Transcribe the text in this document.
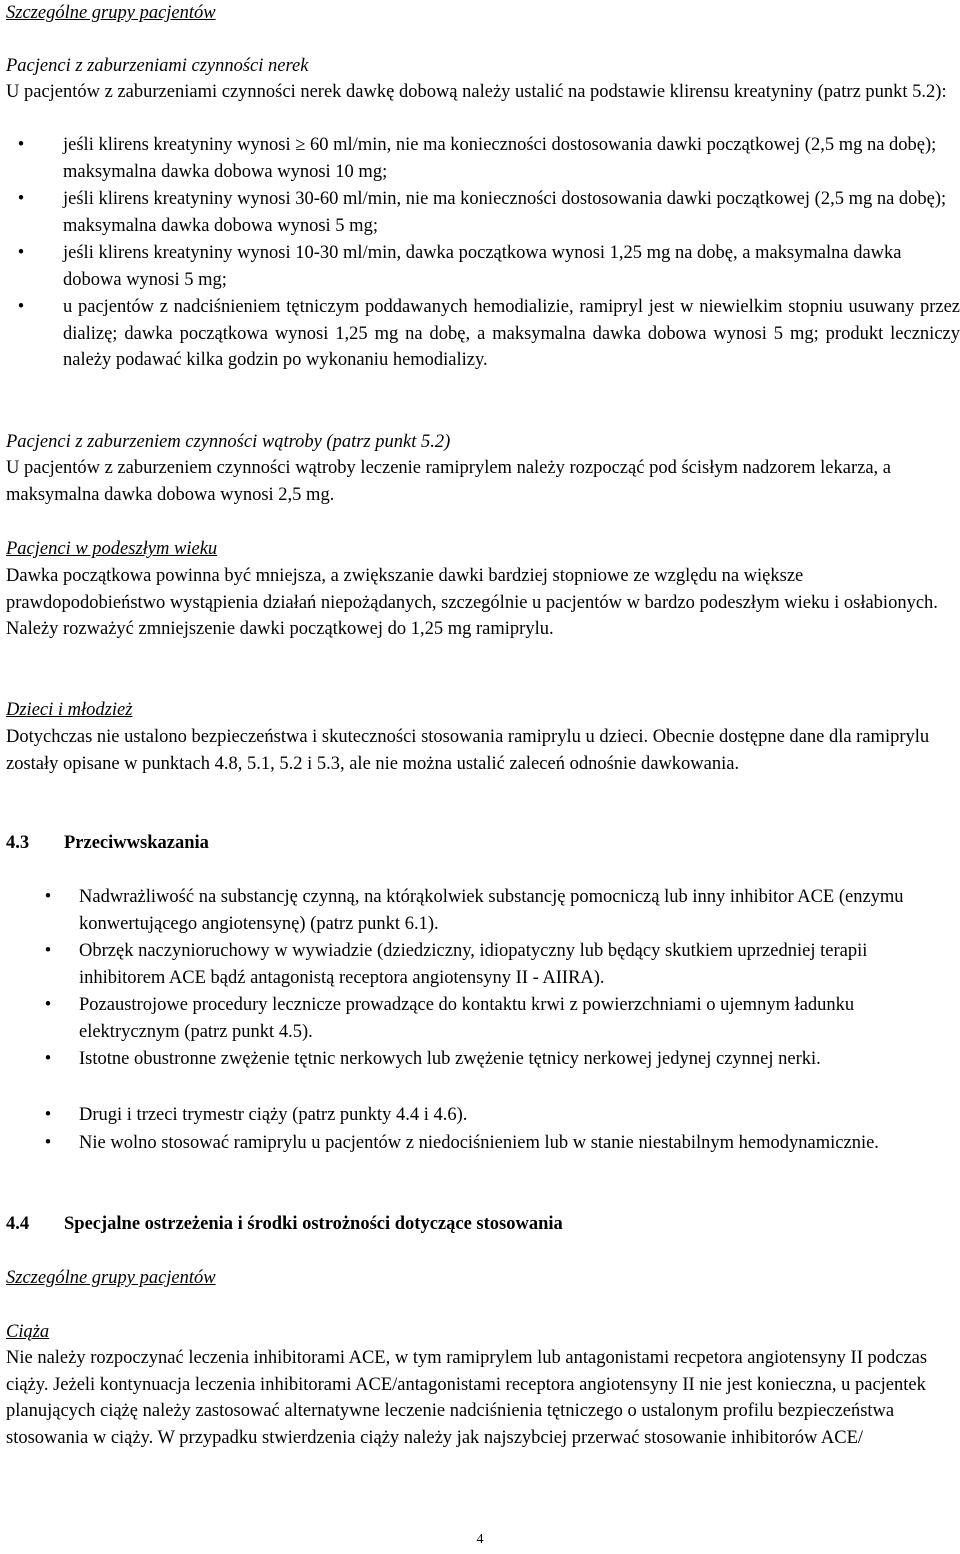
Szczególne grupy pacjentów
Pacjenci z zaburzeniami czynności nerek
U pacjentów z zaburzeniami czynności nerek dawkę dobową należy ustalić na podstawie klirensu kreatyniny (patrz punkt 5.2):
•	jeśli klirens kreatyniny wynosi ≥ 60 ml/min, nie ma konieczności dostosowania dawki początkowej (2,5 mg na dobę); maksymalna dawka dobowa wynosi 10 mg;
•	jeśli klirens kreatyniny wynosi 30-60 ml/min, nie ma konieczności dostosowania dawki początkowej (2,5 mg na dobę); maksymalna dawka dobowa wynosi 5 mg;
•	jeśli klirens kreatyniny wynosi 10-30 ml/min, dawka początkowa wynosi 1,25 mg na dobę, a maksymalna dawka dobowa wynosi 5 mg;
•	u pacjentów z nadciśnieniem tętniczym poddawanych hemodializie, ramipryl jest w niewielkim stopniu usuwany przez dializę; dawka początkowa wynosi 1,25 mg na dobę, a maksymalna dawka dobowa wynosi 5 mg; produkt leczniczy należy podawać kilka godzin po wykonaniu hemodializy.
Pacjenci z zaburzeniem czynności wątroby (patrz punkt 5.2)
U pacjentów z zaburzeniem czynności wątroby leczenie ramiprylem należy rozpocząć pod ścisłym nadzorem lekarza, a maksymalna dawka dobowa wynosi 2,5 mg.
Pacjenci w podeszłym wieku
Dawka początkowa powinna być mniejsza, a zwiększanie dawki bardziej stopniowe ze względu na większe prawdopodobieństwo wystąpienia działań niepożądanych, szczególnie u pacjentów w bardzo podeszłym wieku i osłabionych. Należy rozważyć zmniejszenie dawki początkowej do 1,25 mg ramiprylu.
Dzieci i młodzież
Dotychczas nie ustalono bezpieczeństwa i skuteczności stosowania ramiprylu u dzieci. Obecnie dostępne dane dla ramiprylu zostały opisane w punktach 4.8, 5.1, 5.2 i 5.3, ale nie można ustalić zaleceń odnośnie dawkowania.
4.3 Przeciwwskazania
•	Nadwrażliwość na substancję czynną, na którąkolwiek substancję pomocniczą lub inny inhibitor ACE (enzymu konwertującego angiotensynę) (patrz punkt 6.1).
•	Obrzęk naczynioruchowy w wywiadzie (dziedziczny, idiopatyczny lub będący skutkiem uprzedniej terapii inhibitorem ACE bądź antagonistą receptora angiotensyny II - AIIRA).
•	Pozaustrojowe procedury lecznicze prowadzące do kontaktu krwi z powierzchniami o ujemnym ładunku elektrycznym (patrz punkt 4.5).
•	Istotne obustronne zwężenie tętnic nerkowych lub zwężenie tętnicy nerkowej jedynej czynnej nerki.
•	Drugi i trzeci trymestr ciąży (patrz punkty 4.4 i 4.6).
•	Nie wolno stosować ramiprylu u pacjentów z niedociśnieniem lub w stanie niestabilnym hemodynamicznie.
4.4 Specjalne ostrzeżenia i środki ostrożności dotyczące stosowania
Szczególne grupy pacjentów
Ciąża
Nie należy rozpoczynać leczenia inhibitorami ACE, w tym ramiprylem lub antagonistami recpetora angiotensyny II podczas ciąży. Jeżeli kontynuacja leczenia inhibitorami ACE/antagonistami receptora angiotensyny II nie jest konieczna, u pacjentek planujących ciążę należy zastosować alternatywne leczenie nadciśnienia tętniczego o ustalonym profilu bezpieczeństwa stosowania w ciąży. W przypadku stwierdzenia ciąży należy jak najszybciej przerwać stosowanie inhibitorów ACE/
4
